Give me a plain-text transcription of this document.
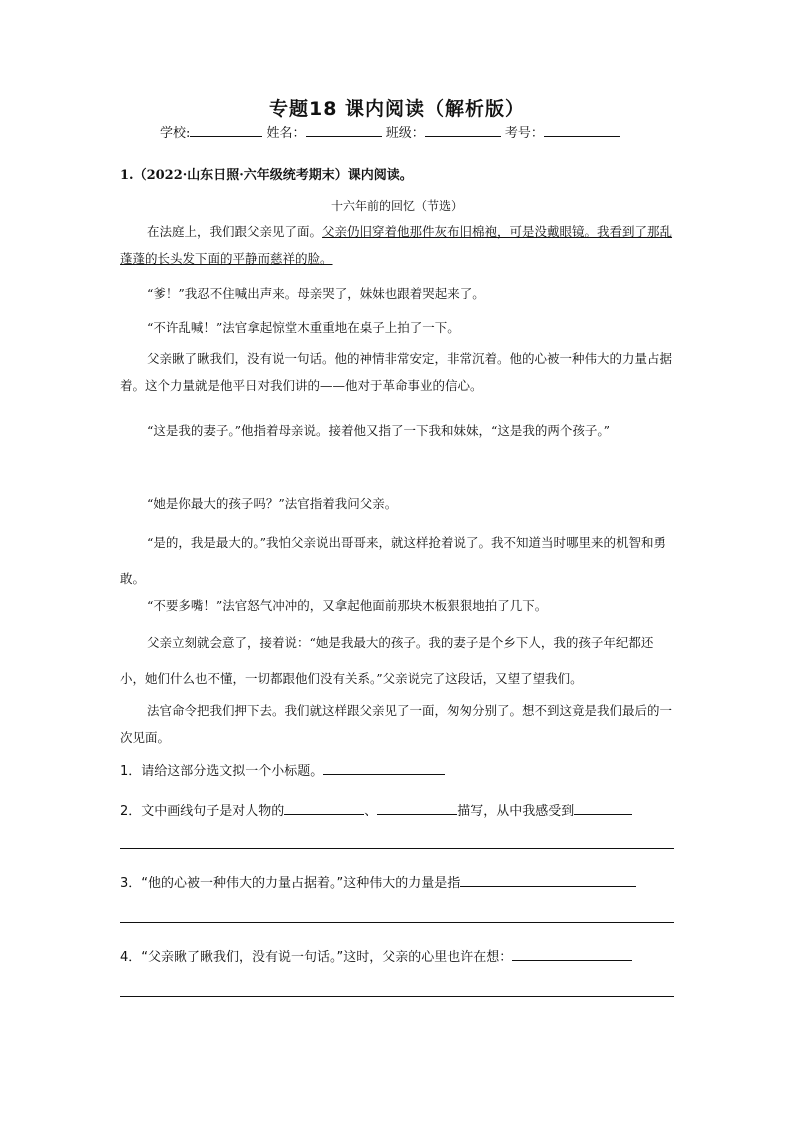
专题18 课内阅读（解析版）
学校:	姓名：	班级：	考号：
1.（2022·山东日照·六年级统考期末）课内阅读。
十六年前的回忆（节选）
在法庭上，我们跟父亲见了面。父亲仍旧穿着他那件灰布旧棉袍，可是没戴眼镜。我看到了那乱蓬蓬的长头发下面的平静而慈祥的脸。
“爹！”我忍不住喊出声来。母亲哭了，妹妹也跟着哭起来了。
“不许乱喊！”法官拿起惊堂木重重地在桌子上拍了一下。
父亲瞅了瞅我们，没有说一句话。他的神情非常安定，非常沉着。他的心被一种伟大的力量占据着。这个力量就是他平日对我们讲的——他对于革命事业的信心。
“这是我的妻子。”他指着母亲说。接着他又指了一下我和妹妹，“这是我的两个孩子。”
“她是你最大的孩子吗？”法官指着我问父亲。
“是的，我是最大的。”我怕父亲说出哥哥来，就这样抢着说了。我不知道当时哪里来的机智和勇敢。
“不要多嘴！”法官怒气冲冲的，又拿起他面前那块木板狠狠地拍了几下。
父亲立刻就会意了，接着说：“她是我最大的孩子。我的妻子是个乡下人，我的孩子年纪都还小，她们什么也不懂，一切都跟他们没有关系。”父亲说完了这段话，又望了望我们。
法官命令把我们押下去。我们就这样跟父亲见了一面，匆匆分别了。想不到这竟是我们最后的一次见面。
1．请给这部分选文拟一个小标题。
2．文中画线句子是对人物的	、	描写，从中我感受到
3．“他的心被一种伟大的力量占据着。”这种伟大的力量是指
4．“父亲瞅了瞅我们，没有说一句话。”这时，父亲的心里也许在想：
